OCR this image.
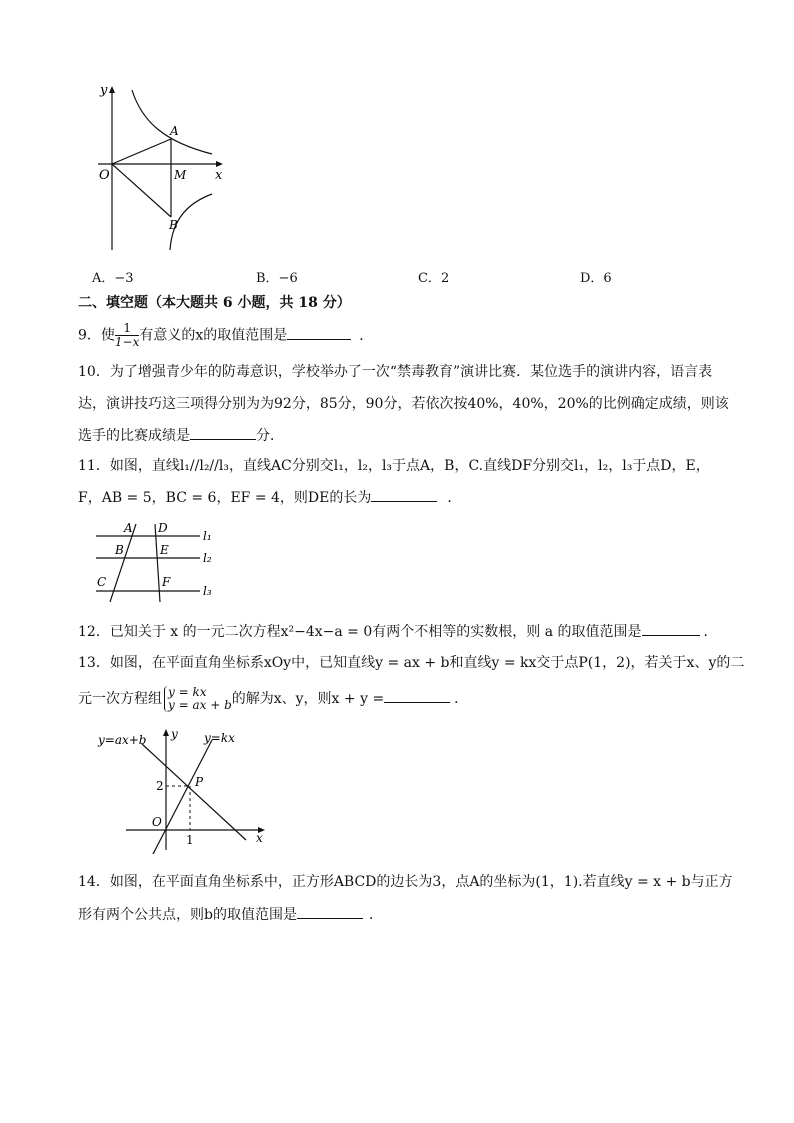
y
x
O
A
M
B
A．−3	B．−6	C．2	D．6
二、填空题（本大题共 6 小题，共 18 分）
9．使 $\frac{1}{1-x}$ 有意义的x的取值范围是	．
10．为了增强青少年的防毒意识，学校举办了一次“禁毒教育”演讲比赛．某位选手的演讲内容，语言表
达，演讲技巧这三项得分别为为92分，85分，90分，若依次按40%，40%，20%的比例确定成绩，则该
选手的比赛成绩是	分．
11．如图，直线l₁//l₂//l₃，直线AC分别交l₁，l₂，l₃于点A，B，C.直线DF分别交l₁，l₂，l₃于点D，E，
F，AB = 5，BC = 6，EF = 4，则DE的长为	．
A D
B	E
C	F
l₁
l₂
l₃
12．已知关于 x 的一元二次方程x²−4x−a = 0有两个不相等的实数根，则 a 的取值范围是	．
13．如图，在平面直角坐标系xOy中，已知直线y = ax + b和直线y = kx交于点P(1，2)，若关于x、y的二
元一次方程组 y = kx
y = ax + b 的解为x、y，则x + y =	．
y=ax+b	y=kx
y
x
O
P
2
1
14．如图，在平面直角坐标系中，正方形ABCD的边长为3，点A的坐标为(1，1).若直线y = x + b与正方
形有两个公共点，则b的取值范围是	．
